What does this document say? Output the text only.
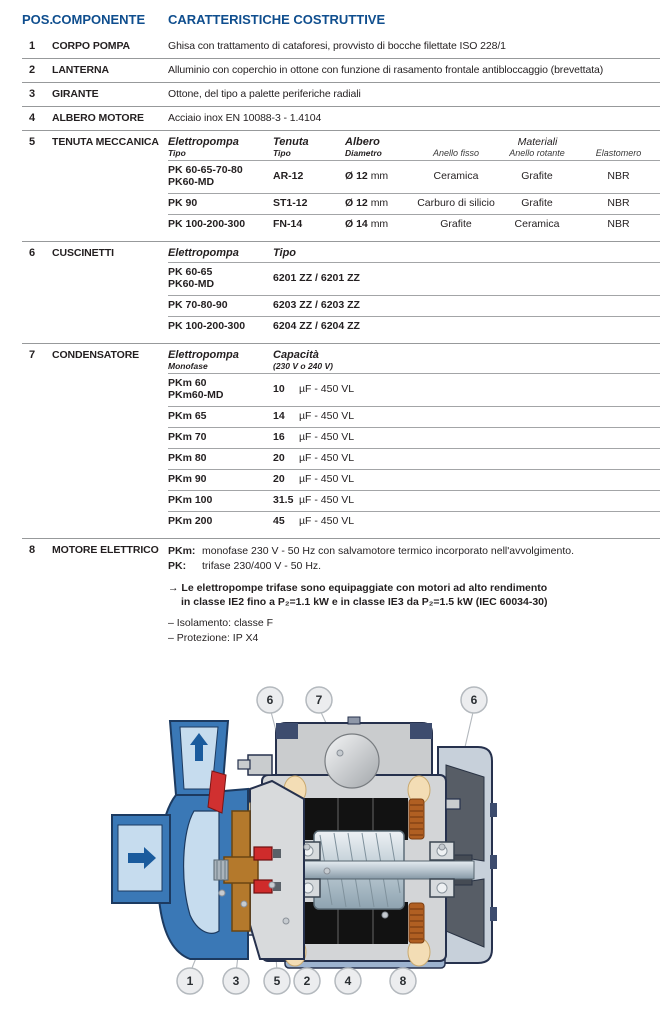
POS.
COMPONENTE	CARATTERISTICHE COSTRUTTIVE
1	CORPO POMPA	Ghisa con trattamento di cataforesi, provvisto di bocche filettate ISO 228/1
2	LANTERNA	Alluminio con coperchio in ottone con funzione di rasamento frontale antibloccaggio (brevettata)
3	GIRANTE	Ottone, del tipo a palette periferiche radiali
4	ALBERO MOTORE	Acciaio inox EN 10088-3 - 1.4104
5	TENUTA MECCANICA Elettropompa	Tenuta	Albero	Materiali
Tipo	Tipo	Diametro	Anello fisso	Anello rotante	Elastomero
PK 60-65-70-80
PK60-MD	AR-12	Ø 12 mm	Ceramica	Grafite	NBR
PK 90	ST1-12	Ø 12 mm	Carburo di silicio	Grafite	NBR
PK 100-200-300	FN-14	Ø 14 mm	Grafite	Ceramica	NBR
6	CUSCINETTI	Elettropompa	Tipo
PK 60-65
PK60-MD	6201 ZZ / 6201 ZZ
PK 70-80-90	6203 ZZ / 6203 ZZ
PK 100-200-300	6204 ZZ / 6204 ZZ
7	CONDENSATORE	Elettropompa	Capacità
Monofase	(230 V o 240 V)
PKm 60
PKm60-MD	10 µF - 450 VL
PKm 65	14 µF - 450 VL
PKm 70	16 µF - 450 VL
PKm 80	20 µF - 450 VL
PKm 90	20 µF - 450 VL
PKm 100	31.5 µF - 450 VL
PKm 200	45 µF - 450 VL
8	MOTORE ELETTRICO PKm: monofase 230 V - 50 Hz con salvamotore termico incorporato nell'avvolgimento.
PK:	trifase 230/400 V - 50 Hz.
→ Le elettropompe trifase sono equipaggiate con motori ad alto rendimento
in classe IE2 fino a P₂=1.1 kW e in classe IE3 da P₂=1.5 kW (IEC 60034-30)
– Isolamento: classe F
– Protezione: IP X4
6	7	6
1	3	5 2	4	8
